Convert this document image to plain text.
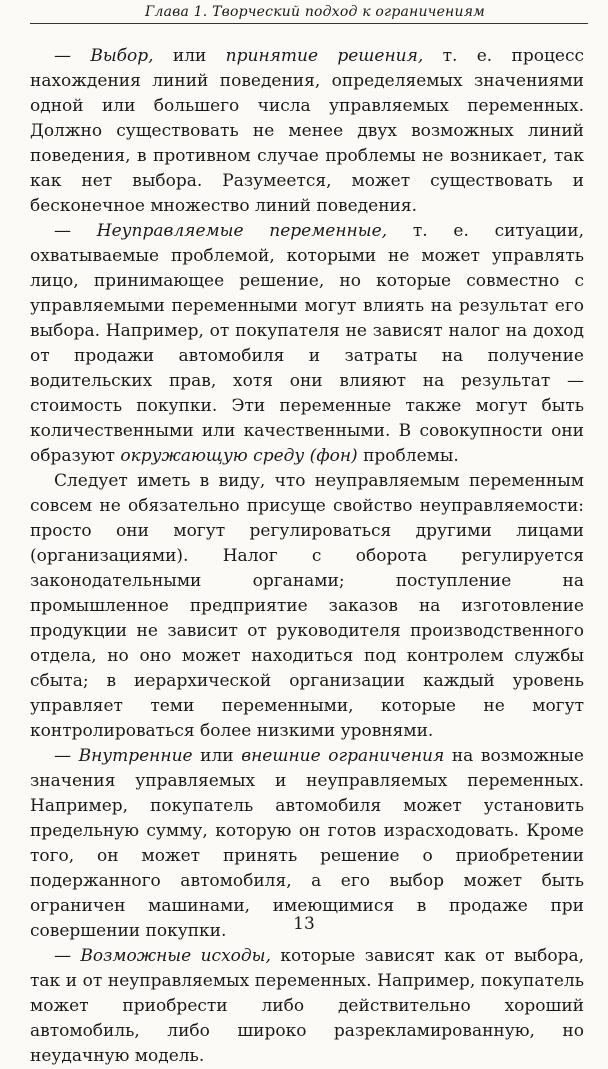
Глава 1. Творческий подход к ограничениям

— Выбор, или принятие решения, т. е. процесс нахождения линий поведения, определяемых значениями одной или большего числа управляемых переменных. Должно существовать не менее двух возможных линий поведения, в противном случае проблемы не возникает, так как нет выбора. Разумеется, может существовать и бесконечное множество линий поведения.

— Неуправляемые переменные, т. е. ситуации, охватываемые проблемой, которыми не может управлять лицо, принимающее решение, но которые совместно с управляемыми переменными могут влиять на результат его выбора. Например, от покупателя не зависят налог на доход от продажи автомобиля и затраты на получение водительских прав, хотя они влияют на результат — стоимость покупки. Эти переменные также могут быть количественными или качественными. В совокупности они образуют окружающую среду (фон) проблемы.

Следует иметь в виду, что неуправляемым переменным совсем не обязательно присуще свойство неуправляемости: просто они могут регулироваться другими лицами (организациями). Налог с оборота регулируется законодательными органами; поступление на промышленное предприятие заказов на изготовление продукции не зависит от руководителя производственного отдела, но оно может находиться под контролем службы сбыта; в иерархической организации каждый уровень управляет теми переменными, которые не могут контролироваться более низкими уровнями.

— Внутренние или внешние ограничения на возможные значения управляемых и неуправляемых переменных. Например, покупатель автомобиля может установить предельную сумму, которую он готов израсходовать. Кроме того, он может принять решение о приобретении подержанного автомобиля, а его выбор может быть ограничен машинами, имеющимися в продаже при совершении покупки.

— Возможные исходы, которые зависят как от выбора, так и от неуправляемых переменных. Например, покупатель может приобрести либо действительно хороший автомобиль, либо широко разрекламированную, но неудачную модель.

13
